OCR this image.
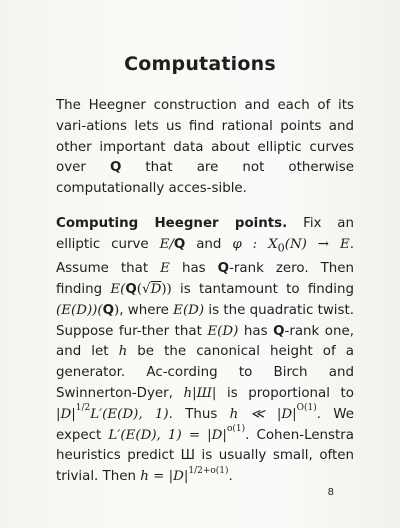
Computations
The Heegner construction and each of its vari-ations lets us find rational points and other important data about elliptic curves over Q that are not otherwise computationally acces-sible.
Computing Heegner points. Fix an elliptic curve E/Q and φ : $X_0(N) \to E$. Assume that E has Q-rank zero. Then finding E(Q(√D)) is tantamount to finding (E(D))(Q), where E(D) is the quadratic twist. Suppose fur-ther that E(D) has Q-rank one, and let h be the canonical height of a generator. Ac-cording to Birch and Swinnerton-Dyer, h|Ш| is proportional to $|D|^{1/2}L'(E(D)$, 1). Thus h ≪ $|D|^{O(1)}$. We expect L′(E(D), $1) = |D|^{o(1)}$. Cohen-Lenstra heuristics predict Ш is usually small, often trivial. Then $h = |D|^{1/2+o(1)}$.
8
